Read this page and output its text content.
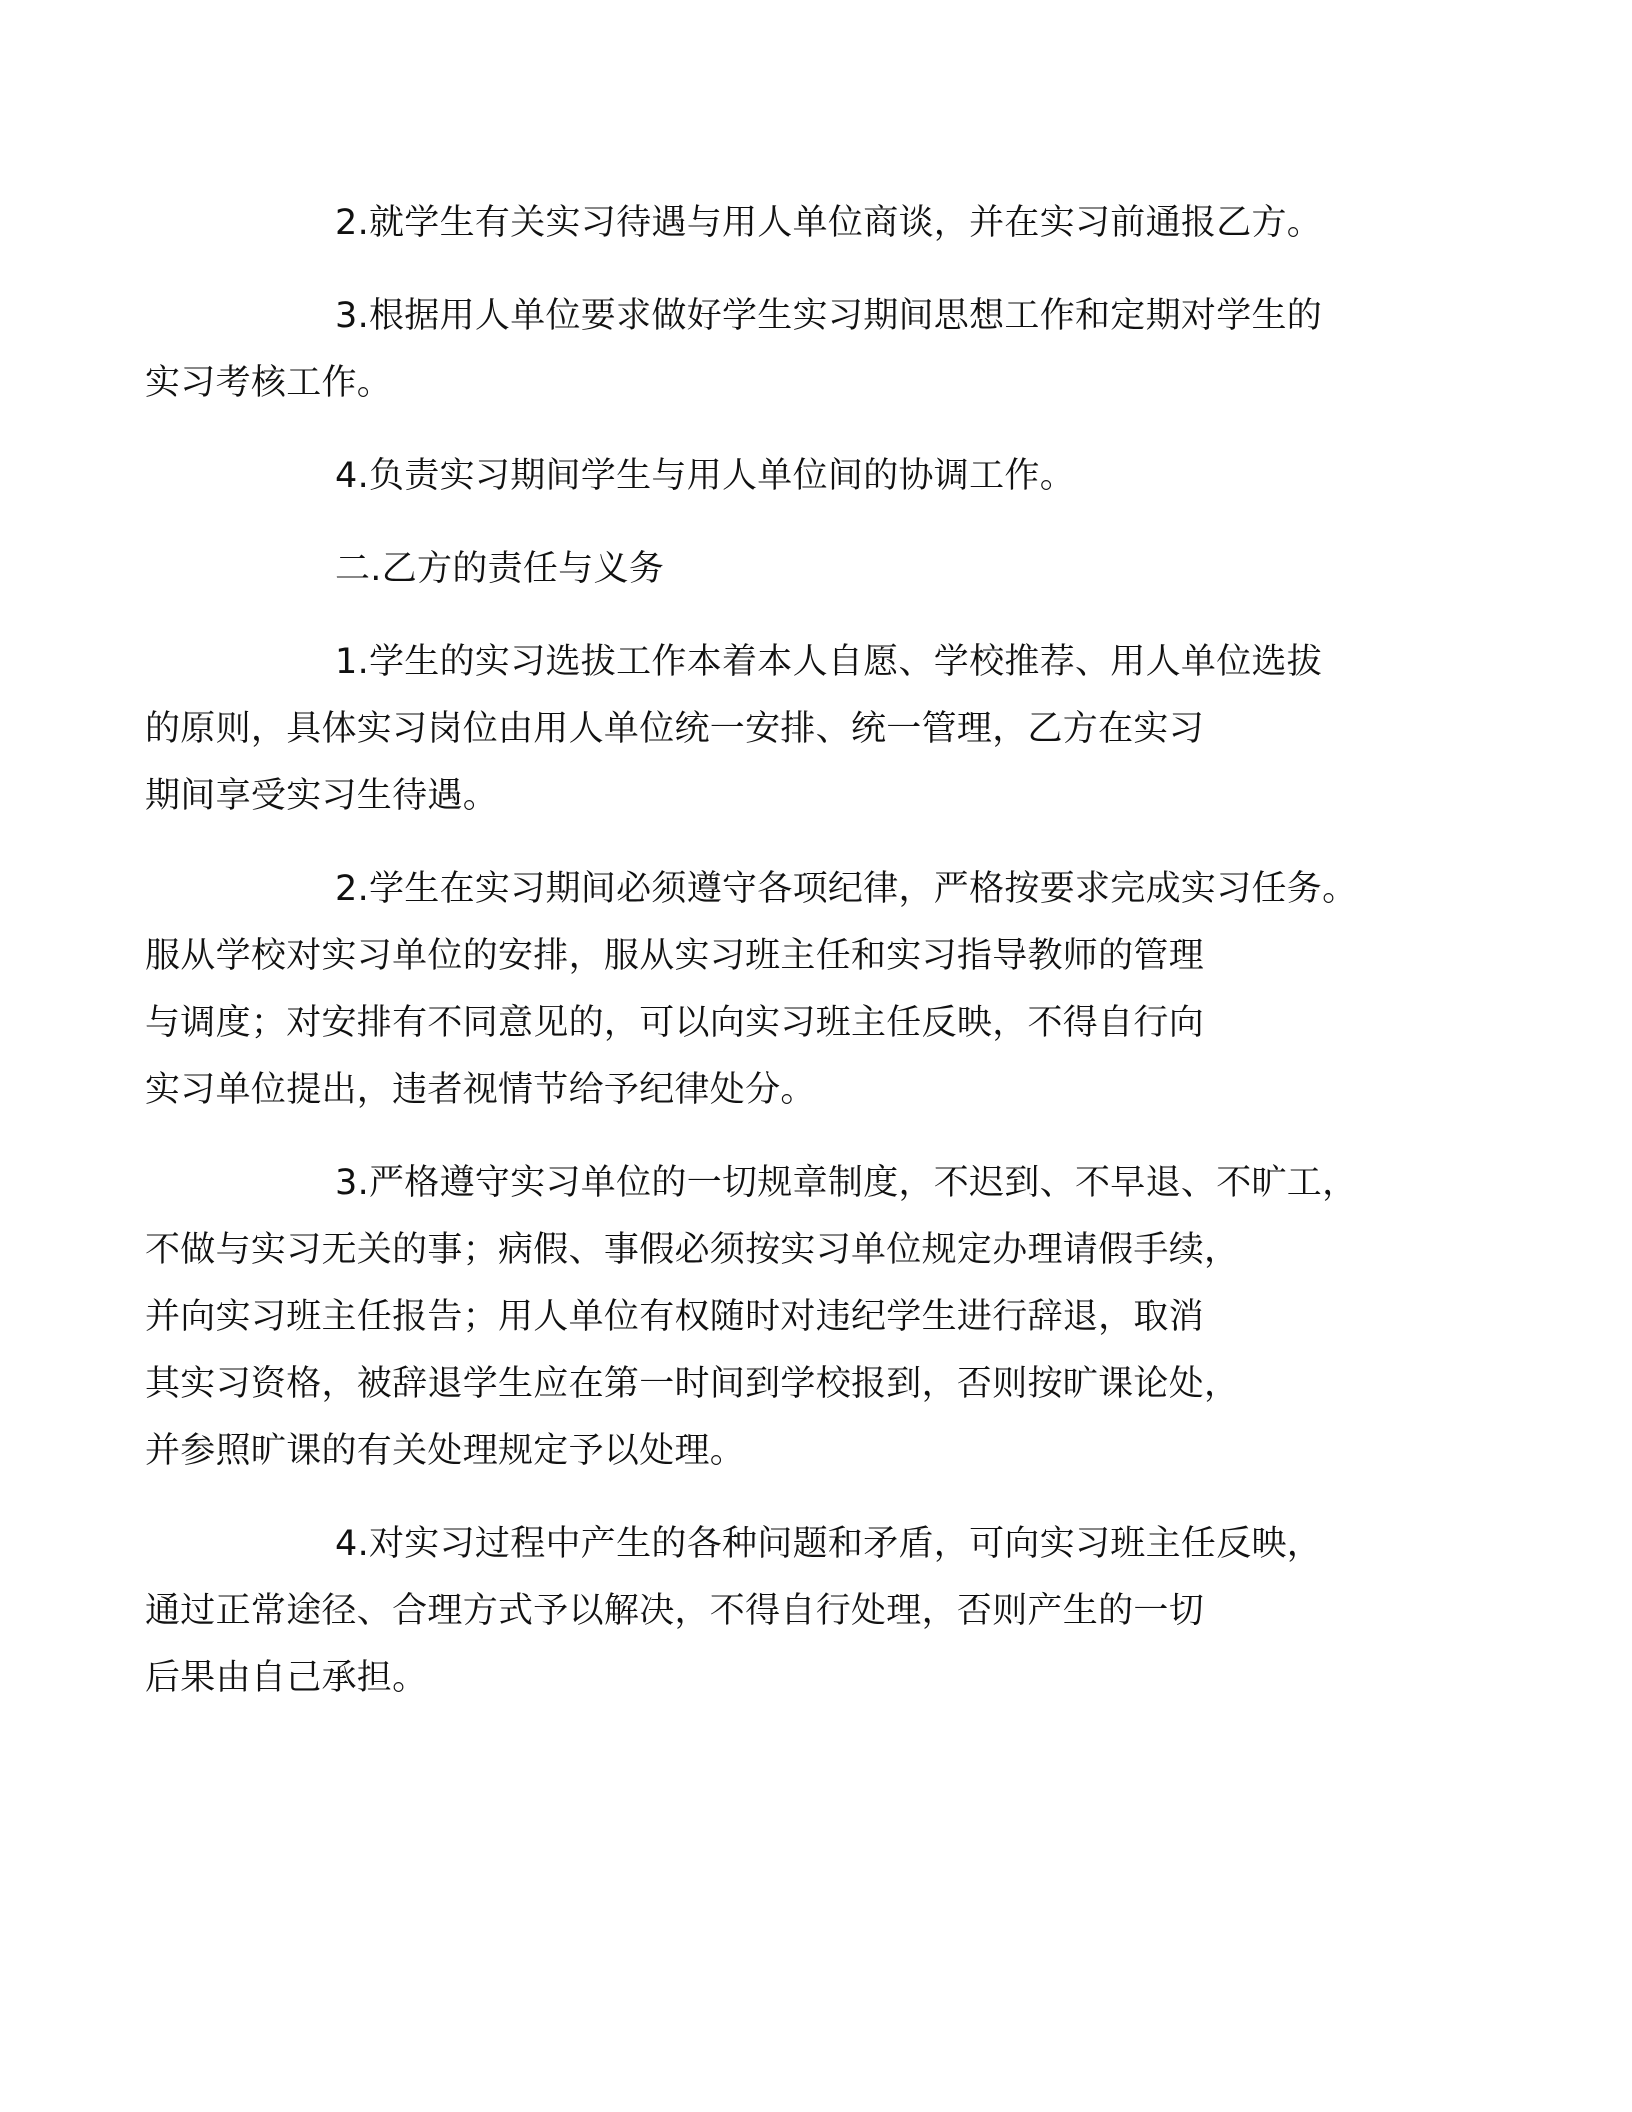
2.就学生有关实习待遇与用人单位商谈，并在实习前通报乙方。

3.根据用人单位要求做好学生实习期间思想工作和定期对学生的
实习考核工作。

4.负责实习期间学生与用人单位间的协调工作。

二.乙方的责任与义务

1.学生的实习选拔工作本着本人自愿、学校推荐、用人单位选拔
的原则，具体实习岗位由用人单位统一安排、统一管理，乙方在实习
期间享受实习生待遇。

2.学生在实习期间必须遵守各项纪律，严格按要求完成实习任务。
服从学校对实习单位的安排，服从实习班主任和实习指导教师的管理
与调度；对安排有不同意见的，可以向实习班主任反映，不得自行向
实习单位提出，违者视情节给予纪律处分。

3.严格遵守实习单位的一切规章制度，不迟到、不早退、不旷工，
不做与实习无关的事；病假、事假必须按实习单位规定办理请假手续，
并向实习班主任报告；用人单位有权随时对违纪学生进行辞退，取消
其实习资格，被辞退学生应在第一时间到学校报到，否则按旷课论处，
并参照旷课的有关处理规定予以处理。

4.对实习过程中产生的各种问题和矛盾，可向实习班主任反映，
通过正常途径、合理方式予以解决，不得自行处理，否则产生的一切
后果由自己承担。
